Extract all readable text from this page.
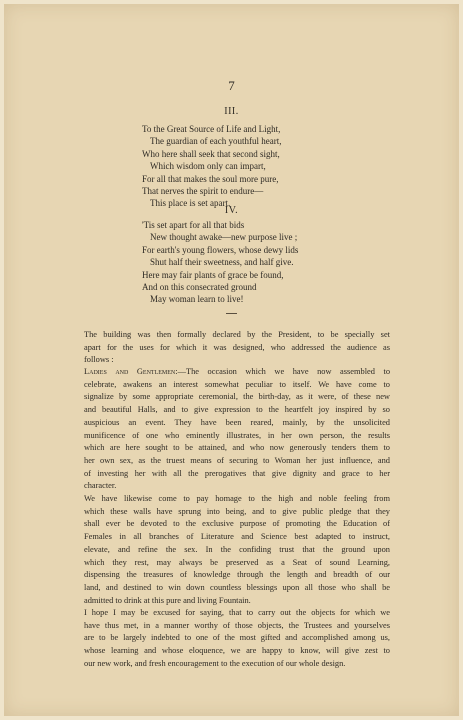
7
III.
To the Great Source of Life and Light,
The guardian of each youthful heart,
Who here shall seek that second sight,
Which wisdom only can impart,
For all that makes the soul more pure,
That nerves the spirit to endure—
This place is set apart.
IV.
'Tis set apart for all that bids
New thought awake—new purpose live ;
For earth's young flowers, whose dewy lids
Shut half their sweetness, and half give.
Here may fair plants of grace be found,
And on this consecrated ground
May woman learn to live!
The building was then formally declared by the President, to be specially set
apart for the uses for which it was designed, who addressed the audience as
follows :
Ladies and Gentlemen:—The occasion which we have now assembled to
celebrate, awakens an interest somewhat peculiar to itself. We have come to
signalize by some appropriate ceremonial, the birth-day, as it were, of these new
and beautiful Halls, and to give expression to the heartfelt joy inspired by so
auspicious an event. They have been reared, mainly, by the unsolicited
munificence of one who eminently illustrates, in her own person, the results
which are here sought to be attained, and who now generously tenders them to
her own sex, as the truest means of securing to Woman her just influence, and
of investing her with all the prerogatives that give dignity and grace to her
character.
We have likewise come to pay homage to the high and noble feeling from
which these walls have sprung into being, and to give public pledge that they
shall ever be devoted to the exclusive purpose of promoting the Education of
Females in all branches of Literature and Science best adapted to instruct,
elevate, and refine the sex. In the confiding trust that the ground upon
which they rest, may always be preserved as a Seat of sound Learning,
dispensing the treasures of knowledge through the length and breadth of our
land, and destined to win down countless blessings upon all those who shall be
admitted to drink at this pure and living Fountain.
I hope I may be excused for saying, that to carry out the objects for which we
have thus met, in a manner worthy of those objects, the Trustees and yourselves
are to be largely indebted to one of the most gifted and accomplished among us,
whose learning and whose eloquence, we are happy to know, will give zest to
our new work, and fresh encouragement to the execution of our whole design.
